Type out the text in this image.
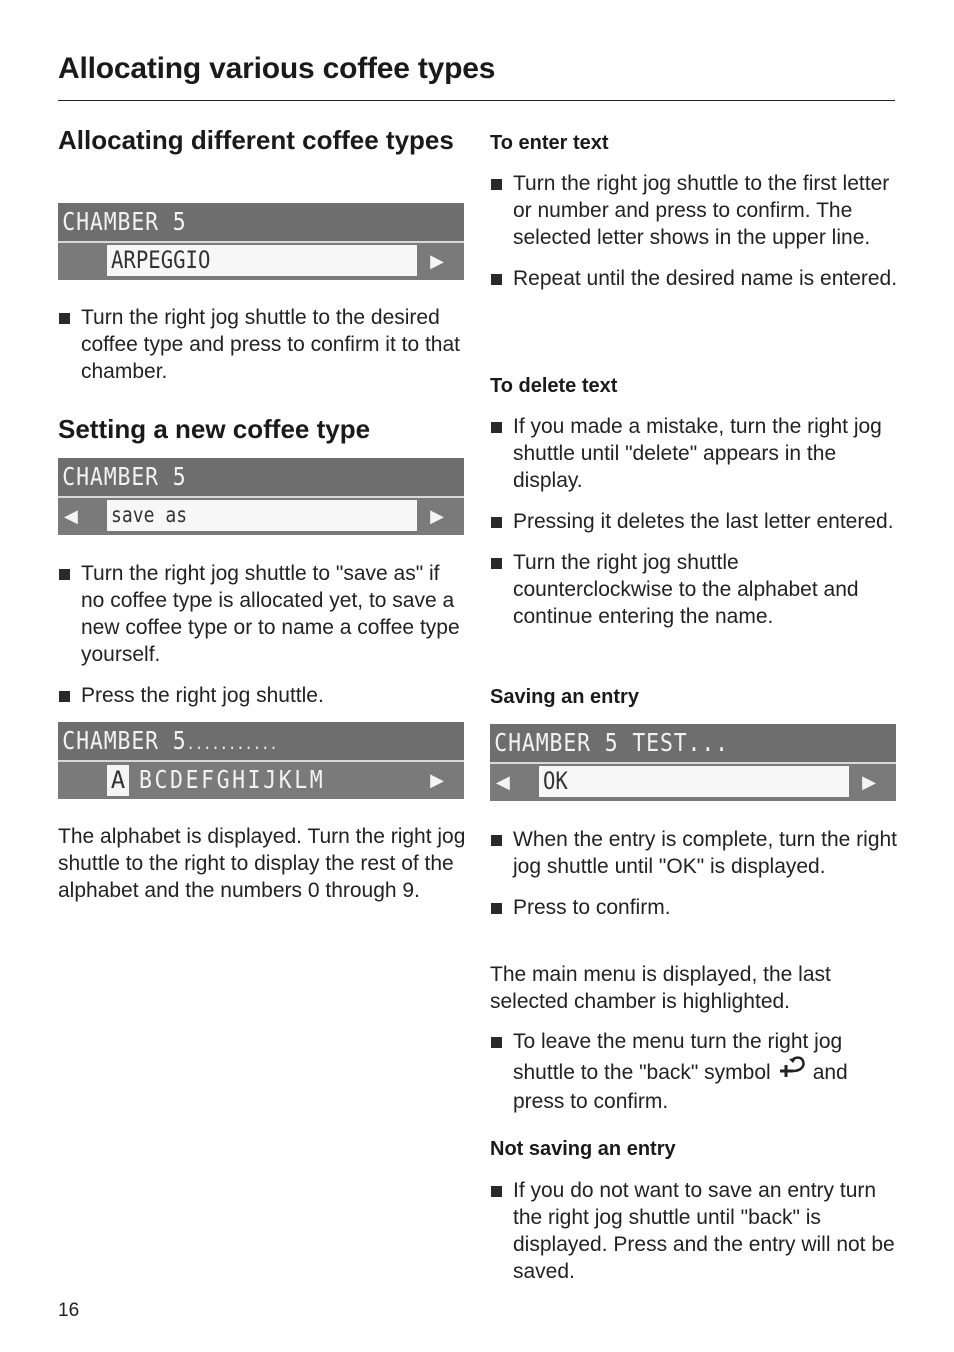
Allocating various coffee types
Allocating different coffee types
CHAMBER 5
ARPEGGIO	▶
Turn the right jog shuttle to the desired coffee type and press to confirm it to that chamber.
Setting a new coffee type
CHAMBER 5
◀ save as	▶
Turn the right jog shuttle to "save as" if no coffee type is allocated yet, to save a new coffee type or to name a coffee type yourself.
Press the right jog shuttle.
CHAMBER 5...........
A BCDEFGHIJKLM	▶

The alphabet is displayed. Turn the right jog shuttle to the right to display the rest of the alphabet and the numbers 0 through 9.

To enter text
Turn the right jog shuttle to the first letter or number and press to confirm. The selected letter shows in the upper line.
Repeat until the desired name is entered.
To delete text
If you made a mistake, turn the right jog shuttle until "delete" appears in the display.
Pressing it deletes the last letter entered.
Turn the right jog shuttle counterclockwise to the alphabet and continue entering the name.
Saving an entry
CHAMBER 5 TEST...
◀ OK	▶
When the entry is complete, turn the right jog shuttle until "OK" is displayed.
Press to confirm.

The main menu is displayed, the last selected chamber is highlighted.

To leave the menu turn the right jog shuttle to the "back" symbol and press to confirm.
Not saving an entry
If you do not want to save an entry turn the right jog shuttle until "back" is displayed. Press and the entry will not be saved.
16
